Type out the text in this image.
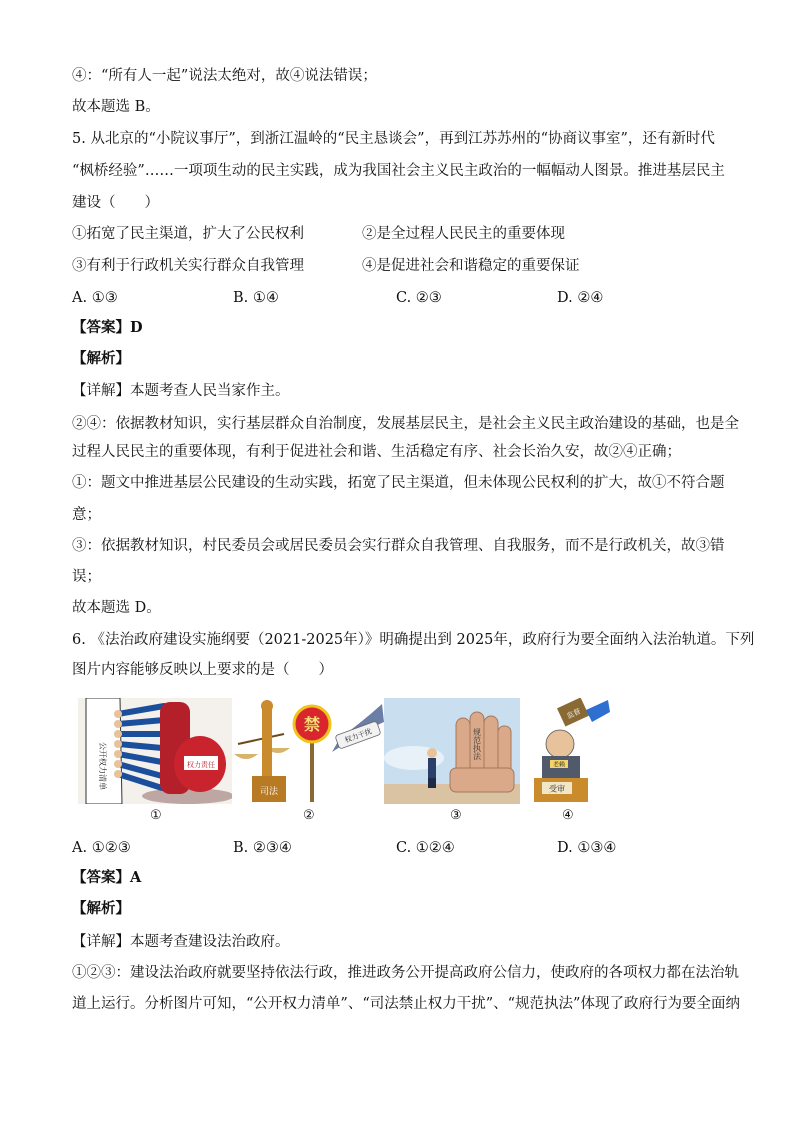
④：“所有人一起”说法太绝对，故④说法错误；
故本题选 B。
5. 从北京的“小院议事厅”，到浙江温岭的“民主恳谈会”，再到江苏苏州的“协商议事室”，还有新时代
“枫桥经验”……一项项生动的民主实践，成为我国社会主义民主政治的一幅幅动人图景。推进基层民主
建设（　　）
①拓宽了民主渠道，扩大了公民权利	②是全过程人民民主的重要体现
③有利于行政机关实行群众自我管理	④是促进社会和谐稳定的重要保证
A. ①③	B. ①④	C. ②③	D. ②④
【答案】D
【解析】
【详解】本题考查人民当家作主。
②④：依据教材知识，实行基层群众自治制度，发展基层民主，是社会主义民主政治建设的基础，也是全
过程人民民主的重要体现，有利于促进社会和谐、生活稳定有序、社会长治久安，故②④正确；
①：题文中推进基层公民建设的生动实践，拓宽了民主渠道，但未体现公民权利的扩大，故①不符合题
意；
③：依据教材知识，村民委员会或居民委员会实行群众自我管理、自我服务，而不是行政机关，故③错
误；
故本题选 D。
6. 《法治政府建设实施纲要（2021-2025年）》明确提出到 2025年，政府行为要全面纳入法治轨道。下列
图片内容能够反映以上要求的是（　　）
权力责任
公开权力清单
司法
禁
权力干扰	规范执法
监督
老赖
受审
①	②	③	④
A. ①②③	B. ②③④	C. ①②④	D. ①③④
【答案】A
【解析】
【详解】本题考查建设法治政府。
①②③：建设法治政府就要坚持依法行政，推进政务公开提高政府公信力，使政府的各项权力都在法治轨
道上运行。分析图片可知，“公开权力清单”、“司法禁止权力干扰”、“规范执法”体现了政府行为要全面纳
